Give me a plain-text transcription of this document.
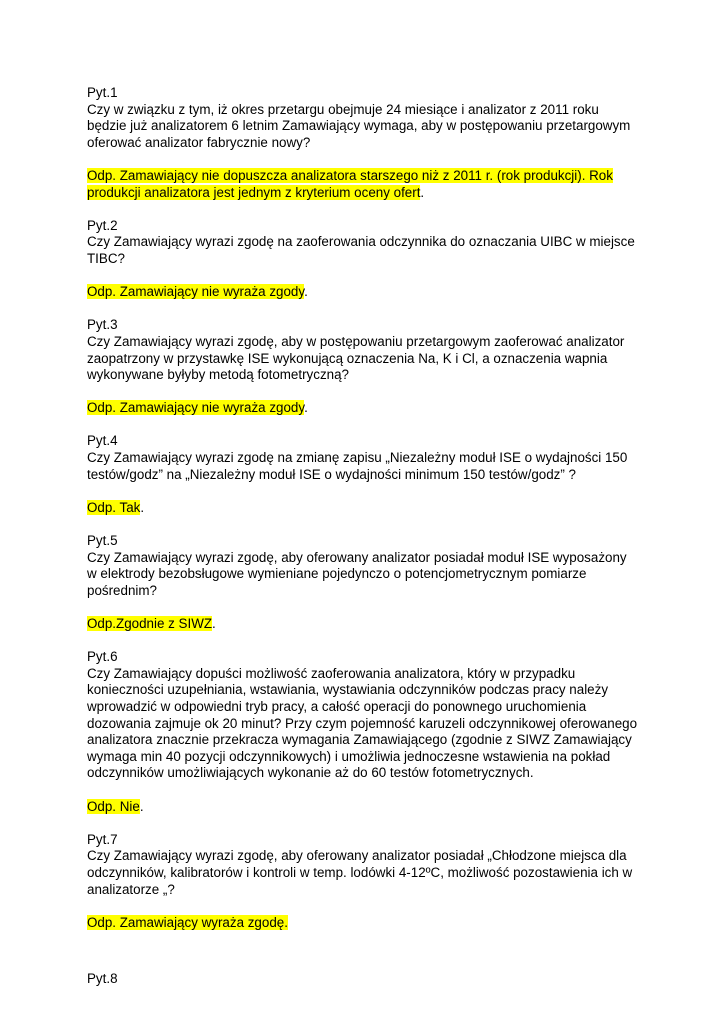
Pyt.1
Czy w związku z tym, iż okres przetargu obejmuje 24 miesiące i analizator z 2011 roku
będzie już analizatorem 6 letnim Zamawiający wymaga, aby w postępowaniu przetargowym
oferować analizator fabrycznie nowy?
Odp. Zamawiający nie dopuszcza analizatora starszego niż z 2011 r. (rok produkcji). Rok
produkcji analizatora jest jednym z kryterium oceny ofert.
Pyt.2
Czy Zamawiający wyrazi zgodę na zaoferowania odczynnika do oznaczania UIBC w miejsce
TIBC?
Odp. Zamawiający nie wyraża zgody.
Pyt.3
Czy Zamawiający wyrazi zgodę, aby w postępowaniu przetargowym zaoferować analizator
zaopatrzony w przystawkę ISE wykonującą oznaczenia Na, K i Cl, a oznaczenia wapnia
wykonywane byłyby metodą fotometryczną?
Odp. Zamawiający nie wyraża zgody.
Pyt.4
Czy Zamawiający wyrazi zgodę na zmianę zapisu „Niezależny moduł ISE o wydajności 150
testów/godz” na „Niezależny moduł ISE o wydajności minimum 150 testów/godz” ?
Odp. Tak.
Pyt.5
Czy Zamawiający wyrazi zgodę, aby oferowany analizator posiadał moduł ISE wyposażony
w elektrody bezobsługowe wymieniane pojedynczo o potencjometrycznym pomiarze
pośrednim?
Odp.Zgodnie z SIWZ.
Pyt.6
Czy Zamawiający dopuści możliwość zaoferowania analizatora, który w przypadku
konieczności uzupełniania, wstawiania, wystawiania odczynników podczas pracy należy
wprowadzić w odpowiedni tryb pracy, a całość operacji do ponownego uruchomienia
dozowania zajmuje ok 20 minut? Przy czym pojemność karuzeli odczynnikowej oferowanego
analizatora znacznie przekracza wymagania Zamawiającego (zgodnie z SIWZ Zamawiający
wymaga min 40 pozycji odczynnikowych) i umożliwia jednoczesne wstawienia na pokład
odczynników umożliwiających wykonanie aż do 60 testów fotometrycznych.
Odp. Nie.
Pyt.7
Czy Zamawiający wyrazi zgodę, aby oferowany analizator posiadał „Chłodzone miejsca dla
odczynników, kalibratorów i kontroli w temp. lodówki 4-12ºC, możliwość pozostawienia ich w
analizatorze „?
Odp. Zamawiający wyraża zgodę.
Pyt.8
